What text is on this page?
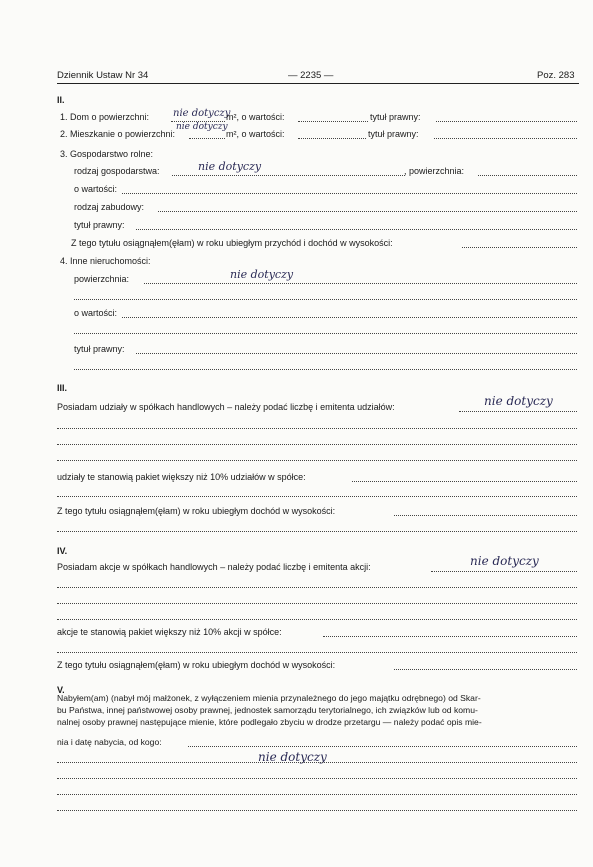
Dziennik Ustaw Nr 34	— 2235 —	Poz. 283
II.
1. Dom o powierzchni: nie dotyczy
m², o wartości:	tytuł prawny:
2. Mieszkanie o powierzchni:
nie dotyczy
m², o wartości:	tytuł prawny:
3. Gospodarstwo rolne:
rodzaj gospodarstwa:	nie dotyczy	, powierzchnia:
o wartości:
rodzaj zabudowy:
tytuł prawny:
Z tego tytułu osiągnąłem(ęłam) w roku ubiegłym przychód i dochód w wysokości:
4. Inne nieruchomości:
powierzchnia:	nie dotyczy
o wartości:
tytuł prawny:
III.
Posiadam udziały w spółkach handlowych – należy podać liczbę i emitenta udziałów:	nie dotyczy
udziały te stanowią pakiet większy niż 10% udziałów w spółce:
Z tego tytułu osiągnąłem(ęłam) w roku ubiegłym dochód w wysokości:
IV.
Posiadam akcje w spółkach handlowych – należy podać liczbę i emitenta akcji:	nie dotyczy
akcje te stanowią pakiet większy niż 10% akcji w spółce:
Z tego tytułu osiągnąłem(ęłam) w roku ubiegłym dochód w wysokości:
V.
Nabyłem(am) (nabył mój małżonek, z wyłączeniem mienia przynależnego do jego majątku odrębnego) od Skar-
bu Państwa, innej państwowej osoby prawnej, jednostek samorządu terytorialnego, ich związków lub od komu-
nalnej osoby prawnej następujące mienie, które podlegało zbyciu w drodze przetargu — należy podać opis mie-
nia i datę nabycia, od kogo:
nie dotyczy
